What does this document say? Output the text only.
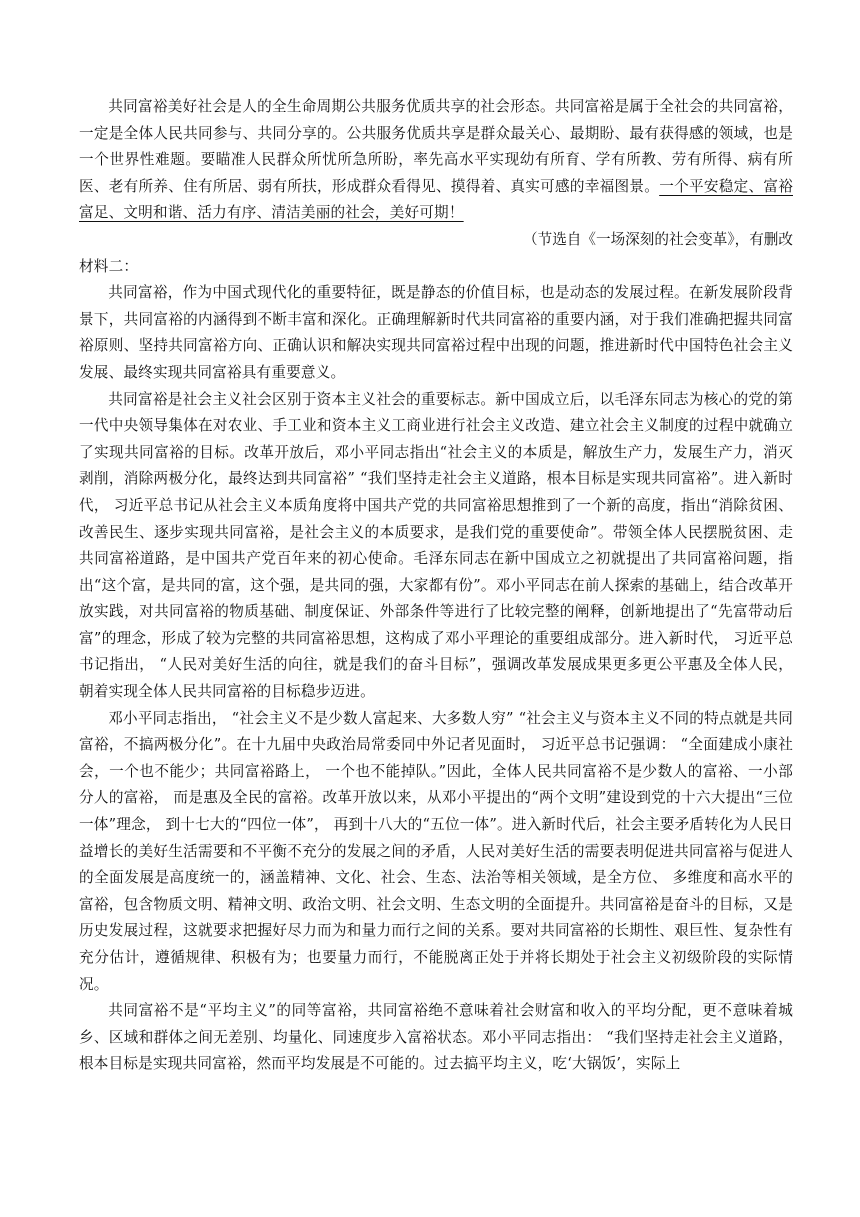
共同富裕美好社会是人的全生命周期公共服务优质共享的社会形态。共同富裕是属于全社会的共同富裕，一定是全体人民共同参与、共同分享的。公共服务优质共享是群众最关心、最期盼、最有获得感的领域，也是一个世界性难题。要瞄准人民群众所忧所急所盼，率先高水平实现幼有所育、学有所教、劳有所得、病有所医、老有所养、住有所居、弱有所扶，形成群众看得见、摸得着、真实可感的幸福图景。一个平安稳定、富裕富足、文明和谐、活力有序、清洁美丽的社会，美好可期！

（节选自《一场深刻的社会变革》，有删改

材料二：

共同富裕，作为中国式现代化的重要特征，既是静态的价值目标，也是动态的发展过程。在新发展阶段背景下，共同富裕的内涵得到不断丰富和深化。正确理解新时代共同富裕的重要内涵，对于我们准确把握共同富裕原则、坚持共同富裕方向、正确认识和解决实现共同富裕过程中出现的问题，推进新时代中国特色社会主义发展、最终实现共同富裕具有重要意义。

共同富裕是社会主义社会区别于资本主义社会的重要标志。新中国成立后，以毛泽东同志为核心的党的第一代中央领导集体在对农业、手工业和资本主义工商业进行社会主义改造、建立社会主义制度的过程中就确立了实现共同富裕的目标。改革开放后，邓小平同志指出“社会主义的本质是，解放生产力，发展生产力，消灭剥削，消除两极分化，最终达到共同富裕” “我们坚持走社会主义道路，根本目标是实现共同富裕”。进入新时代， 习近平总书记从社会主义本质角度将中国共产党的共同富裕思想推到了一个新的高度，指出“消除贫困、改善民生、逐步实现共同富裕，是社会主义的本质要求，是我们党的重要使命”。带领全体人民摆脱贫困、走共同富裕道路，是中国共产党百年来的初心使命。毛泽东同志在新中国成立之初就提出了共同富裕问题，指出“这个富，是共同的富，这个强，是共同的强，大家都有份”。邓小平同志在前人探索的基础上，结合改革开放实践，对共同富裕的物质基础、制度保证、外部条件等进行了比较完整的阐释，创新地提出了“先富带动后富”的理念，形成了较为完整的共同富裕思想，这构成了邓小平理论的重要组成部分。进入新时代， 习近平总书记指出， “人民对美好生活的向往，就是我们的奋斗目标”，强调改革发展成果更多更公平惠及全体人民，朝着实现全体人民共同富裕的目标稳步迈进。

邓小平同志指出， “社会主义不是少数人富起来、大多数人穷” “社会主义与资本主义不同的特点就是共同富裕，不搞两极分化”。在十九届中央政治局常委同中外记者见面时， 习近平总书记强调： “全面建成小康社会，一个也不能少；共同富裕路上， 一个也不能掉队。”因此，全体人民共同富裕不是少数人的富裕、一小部分人的富裕， 而是惠及全民的富裕。改革开放以来，从邓小平提出的“两个文明”建设到党的十六大提出“三位一体”理念， 到十七大的“四位一体”， 再到十八大的“五位一体”。进入新时代后，社会主要矛盾转化为人民日益增长的美好生活需要和不平衡不充分的发展之间的矛盾，人民对美好生活的需要表明促进共同富裕与促进人的全面发展是高度统一的，涵盖精神、文化、社会、生态、法治等相关领域，是全方位、 多维度和高水平的富裕，包含物质文明、精神文明、政治文明、社会文明、生态文明的全面提升。共同富裕是奋斗的目标，又是历史发展过程，这就要求把握好尽力而为和量力而行之间的关系。要对共同富裕的长期性、艰巨性、复杂性有充分估计，遵循规律、积极有为；也要量力而行，不能脱离正处于并将长期处于社会主义初级阶段的实际情况。

共同富裕不是“平均主义”的同等富裕，共同富裕绝不意味着社会财富和收入的平均分配，更不意味着城乡、区域和群体之间无差别、均量化、同速度步入富裕状态。邓小平同志指出： “我们坚持走社会主义道路，根本目标是实现共同富裕，然而平均发展是不可能的。过去搞平均主义，吃‘大锅饭’，实际上
